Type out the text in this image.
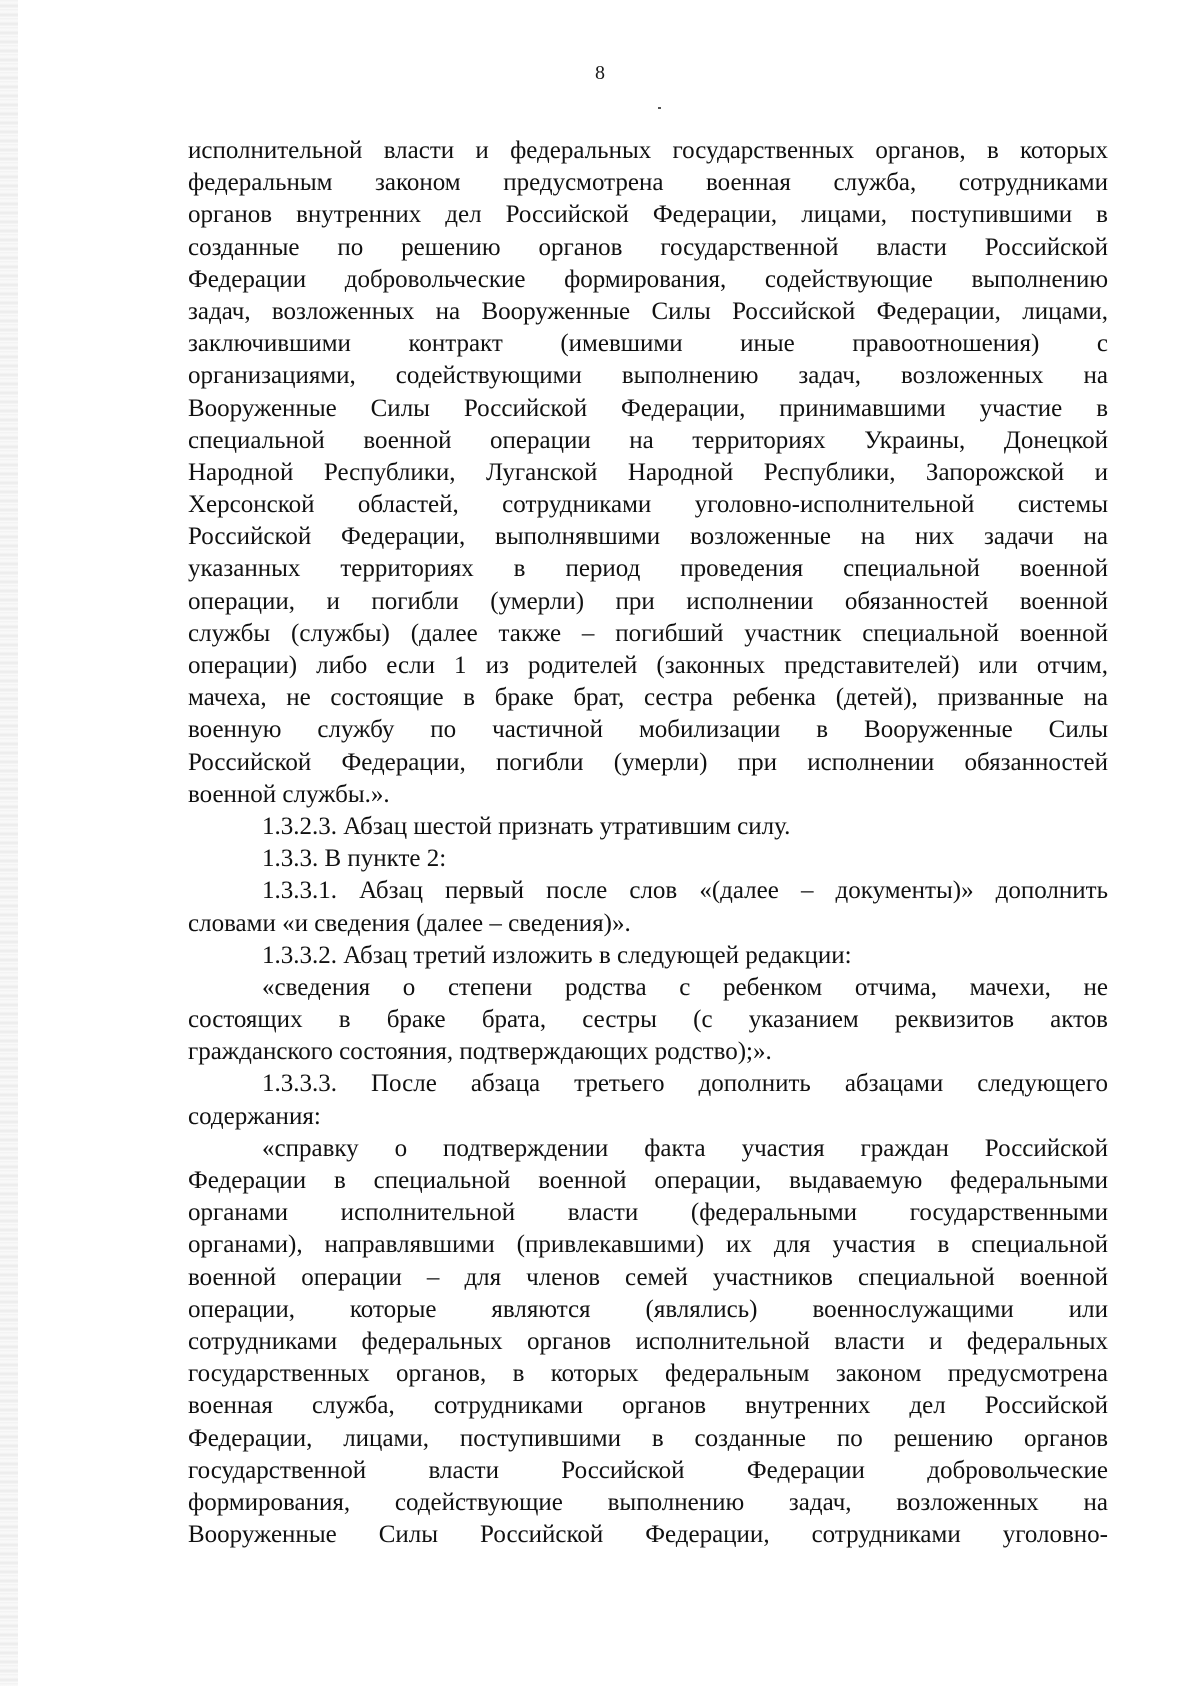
8
исполнительной власти и федеральных государственных органов, в которых
федеральным законом предусмотрена военная служба, сотрудниками
органов внутренних дел Российской Федерации, лицами, поступившими в
созданные по решению органов государственной власти Российской
Федерации добровольческие формирования, содействующие выполнению
задач, возложенных на Вооруженные Силы Российской Федерации, лицами,
заключившими контракт (имевшими иные правоотношения) с
организациями, содействующими выполнению задач, возложенных на
Вооруженные Силы Российской Федерации, принимавшими участие в
специальной военной операции на территориях Украины, Донецкой
Народной Республики, Луганской Народной Республики, Запорожской и
Херсонской областей, сотрудниками уголовно-исполнительной системы
Российской Федерации, выполнявшими возложенные на них задачи на
указанных территориях в период проведения специальной военной
операции, и погибли (умерли) при исполнении обязанностей военной
службы (службы) (далее также – погибший участник специальной военной
операции) либо если 1 из родителей (законных представителей) или отчим,
мачеха, не состоящие в браке брат, сестра ребенка (детей), призванные на
военную службу по частичной мобилизации в Вооруженные Силы
Российской Федерации, погибли (умерли) при исполнении обязанностей
военной службы.».
1.3.2.3. Абзац шестой признать утратившим силу.
1.3.3. В пункте 2:
1.3.3.1. Абзац первый после слов «(далее – документы)» дополнить
словами «и сведения (далее – сведения)».
1.3.3.2. Абзац третий изложить в следующей редакции:
«сведения о степени родства с ребенком отчима, мачехи, не
состоящих в браке брата, сестры (с указанием реквизитов актов
гражданского состояния, подтверждающих родство);».
1.3.3.3. После абзаца третьего дополнить абзацами следующего
содержания:
«справку о подтверждении факта участия граждан Российской
Федерации в специальной военной операции, выдаваемую федеральными
органами исполнительной власти (федеральными государственными
органами), направлявшими (привлекавшими) их для участия в специальной
военной операции – для членов семей участников специальной военной
операции, которые являются (являлись) военнослужащими или
сотрудниками федеральных органов исполнительной власти и федеральных
государственных органов, в которых федеральным законом предусмотрена
военная служба, сотрудниками органов внутренних дел Российской
Федерации, лицами, поступившими в созданные по решению органов
государственной власти Российской Федерации добровольческие
формирования, содействующие выполнению задач, возложенных на
Вооруженные Силы Российской Федерации, сотрудниками уголовно-
